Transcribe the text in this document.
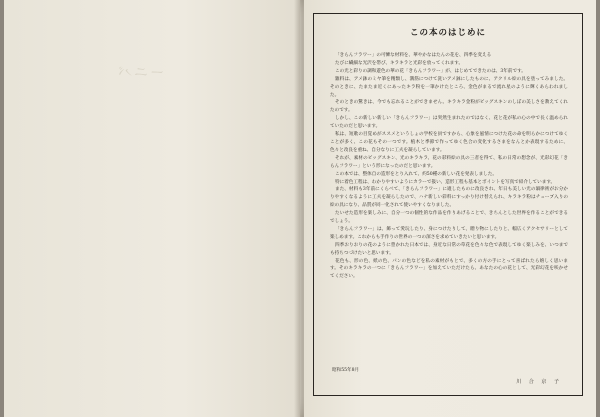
ーニバ
この本のはじめに

「きらんフラワー」の可憐な材料を、華やかなはたんの花を、四季を変える

たびに繊細な光沢を帯び、キラキラと光彩を放ってくれます。

この光と彩りの調和遊色の華の花「きらんフラワー」が、はじめてできたのは、3年前です。

雑料は、アメ鉢のミヤ筆を精類し、溝筋につけて洗いアメ鉢にしたものに、アクリル絵の具を塗ってみました。そのときに、たまたま近くにあったキラ粉を一筆かけたところ、金色がまるで流れ星のように輝くあらわれました。

そのときの驚きは、今でも忘れることができません。キラキラ金粉がビッグスキンのしぼの美しさを教えてくれたのです。

しかし、この新しい新しい「きらんフラワー」は突然生まれたのではなく、花と花が私の心の中で長く温められていたのだと思います。

私は、短歌の目覚めがススメというしょの学校を員ですから、心象を風情につけた花の命を明らかにつけてゆくことが多く、この花もその一つです。植木と季節で作ってゆく色合の変化するさまをなんとか表現するために、色々と改良を重ね、自分なりに工夫を凝らしています。

それが、素材のビッグスキン、光のキラキラ、花の彩料絵の具の三者を得て、私の日常の想念が、光彩幻花「きらんフラワー」という形になったのだと思います。

この本では、整体自の造形をとり入れて、約50種の新しい花を発表しました。

特に着色工程は、わかりやすいようにカラーで扱い、造形工程も基本とポイントを写真で紹介しています。

また、材料も3年前にくらべて、「きらんフラワー」に適したものに改良され、年日も美しい光の韻律術がお分かりやすくなるように工夫を凝らしたので、ハナ新しい彩料にすっかり付け替えられ、キラキラ粉はチューブ入りの絵の具になり、品質が同一化されて使いやすくなりました。

たいせた造形を楽しみに、自分一つの個性的な作品を作りあげることで、きちんとした世界を作ることができるでしょう。

「きらんフラワー」は、飾って愛玩したり、身につけたりして、贈り物にしたりと、幅広くアクセサリーとして楽しめます。これからも手作りの世界の一つの深さを求めていきたいと思います。

四季おりおりの花のように豊かれた日本では、身近な日常の草花を色々な色で表現してゆく楽しみを、いつまでも持ちつづけたいと思います。

花色も、形の色、紙の色、パンの色などを私の素材がもとで、多くの方の手にとって喜ばれたら嬉しく思います。そのキラキラの一つに「きらんフラワー」を加えていただけたら、あなたの心の花として、光彩幻花を咲かせてください。

昭和55年8月
川 合 京 子
